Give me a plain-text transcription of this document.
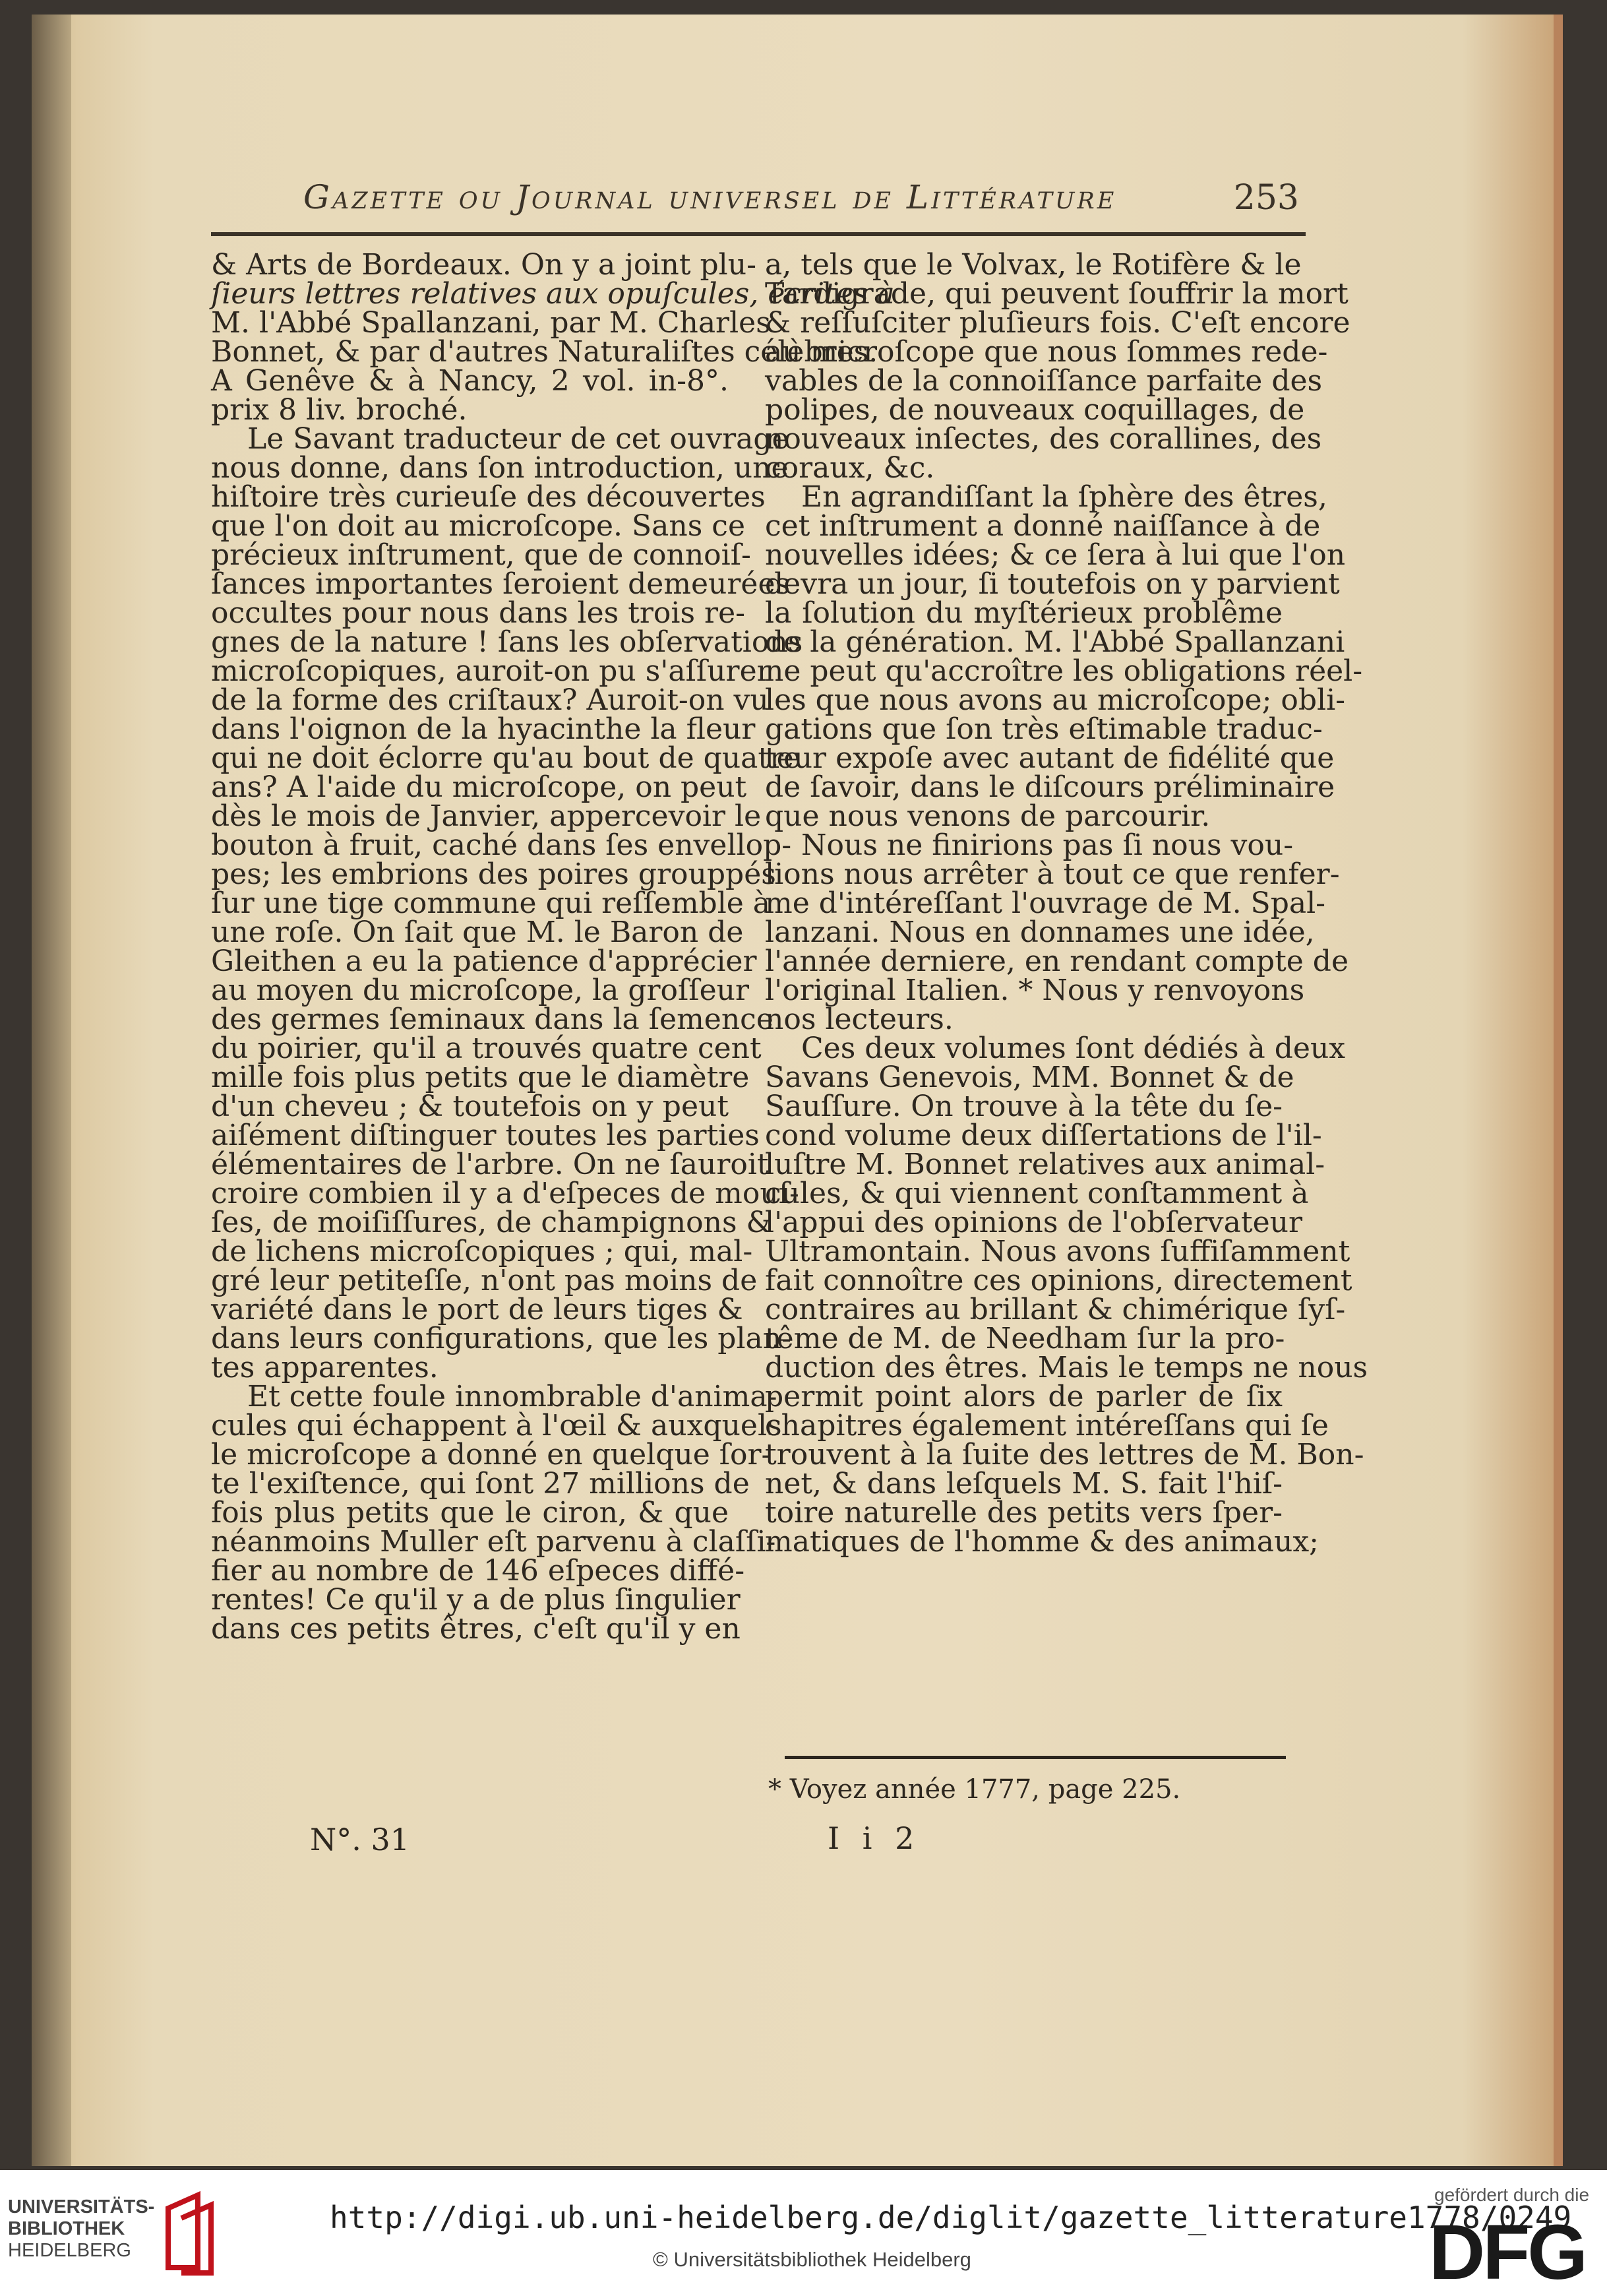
Gazette ou Journal universel de Littérature	253
& Arts de Bordeaux. On y a joint plu-
ſieurs lettres relatives aux opuſcules, écrites à
M. l'Abbé Spallanzani, par M. Charles
Bonnet, & par d'autres Naturaliſtes célèbres.
A Genêve & à Nancy, 2 vol. in-8°.
prix 8 liv. broché.
Le Savant traducteur de cet ouvrage
nous donne, dans ſon introduction, une
hiſtoire très curieuſe des découvertes
que l'on doit au microſcope. Sans ce
précieux inſtrument, que de connoiſ-
ſances importantes ſeroient demeurées
occultes pour nous dans les trois re-
gnes de la nature ! ſans les obſervations
microſcopiques, auroit-on pu s'aſſurer
de la forme des criſtaux? Auroit-on vu
dans l'oignon de la hyacinthe la fleur
qui ne doit éclorre qu'au bout de quatre
ans? A l'aide du microſcope, on peut
dès le mois de Janvier, appercevoir le
bouton à fruit, caché dans ſes envellop-
pes; les embrions des poires grouppés
ſur une tige commune qui reſſemble à
une roſe. On ſait que M. le Baron de
Gleithen a eu la patience d'apprécier
au moyen du microſcope, la groſſeur
des germes ſeminaux dans la ſemence
du poirier, qu'il a trouvés quatre cent
mille fois plus petits que le diamètre
d'un cheveu ; & toutefois on y peut
aiſément diſtinguer toutes les parties
élémentaires de l'arbre. On ne ſauroit
croire combien il y a d'eſpeces de mouſ-
ſes, de moiſiſſures, de champignons &
de lichens microſcopiques ; qui, mal-
gré leur petiteſſe, n'ont pas moins de
variété dans le port de leurs tiges &
dans leurs configurations, que les plan-
tes apparentes.
Et cette foule innombrable d'anima-
cules qui échappent à l'œil & auxquels
le microſcope a donné en quelque ſor-
te l'exiſtence, qui ſont 27 millions de
fois plus petits que le ciron, & que
néanmoins Muller eſt parvenu à claſſi-
fier au nombre de 146 eſpeces diffé-
rentes! Ce qu'il y a de plus ſingulier
dans ces petits êtres, c'eſt qu'il y en
a, tels que le Volvax, le Rotifère & le
Tardigrade, qui peuvent ſouffrir la mort
& reſſuſciter pluſieurs fois. C'eſt encore
au microſcope que nous ſommes rede-
vables de la connoiſſance parfaite des
polipes, de nouveaux coquillages, de
nouveaux inſectes, des corallines, des
coraux, &c.
En agrandiſſant la ſphère des êtres,
cet inſtrument a donné naiſſance à de
nouvelles idées; & ce ſera à lui que l'on
devra un jour, ſi toutefois on y parvient
la ſolution du myſtérieux problême
de la génération. M. l'Abbé Spallanzani
ne peut qu'accroître les obligations réel-
les que nous avons au microſcope; obli-
gations que ſon très eſtimable traduc-
teur expoſe avec autant de fidélité que
de ſavoir, dans le diſcours préliminaire
que nous venons de parcourir.
Nous ne finirions pas ſi nous vou-
lions nous arrêter à tout ce que renfer-
me d'intéreſſant l'ouvrage de M. Spal-
lanzani. Nous en donnames une idée,
l'année derniere, en rendant compte de
l'original Italien. * Nous y renvoyons
nos lecteurs.
Ces deux volumes ſont dédiés à deux
Savans Genevois, MM. Bonnet & de
Sauſſure. On trouve à la tête du ſe-
cond volume deux diſſertations de l'il-
luſtre M. Bonnet relatives aux animal-
cules, & qui viennent conſtamment à
l'appui des opinions de l'obſervateur
Ultramontain. Nous avons ſuffiſamment
fait connoître ces opinions, directement
contraires au brillant & chimérique ſyſ-
tême de M. de Needham ſur la pro-
duction des êtres. Mais le temps ne nous
permit point alors de parler de ſix
chapitres également intéreſſans qui ſe
trouvent à la ſuite des lettres de M. Bon-
net, & dans leſquels M. S. fait l'hiſ-
toire naturelle des petits vers ſper-
matiques de l'homme & des animaux;
* Voyez année 1777, page 225.
N°. 31	I i 2
UNIVERSITÄTS-
BIBLIOTHEK
HEIDELBERG
http://digi.ub.uni-heidelberg.de/diglit/gazette_litterature1778/0249
© Universitätsbibliothek Heidelberg
gefördert durch die
DFG
